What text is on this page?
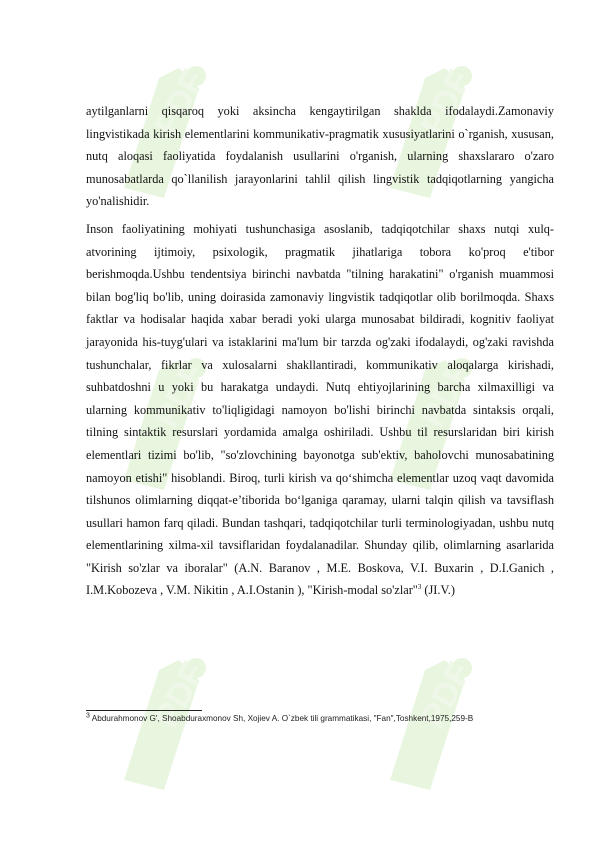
PDF	PDF
PDF	PDF
PDF	PDF

aytilganlarni qisqaroq yoki aksincha kengaytirilgan shaklda ifodalaydi.Zamonaviy lingvistikada kirish elementlarini kommunikativ-pragmatik xususiyatlarini o`rganish, xususan, nutq aloqasi faoliyatida foydalanish usullarini o'rganish, ularning shaxslararo o'zaro munosabatlarda qo`llanilish jarayonlarini tahlil qilish lingvistik tadqiqotlarning yangicha yo'nalishidir.

Inson faoliyatining mohiyati tushunchasiga asoslanib, tadqiqotchilar shaxs nutqi xulq-atvorining ijtimoiy, psixologik, pragmatik jihatlariga tobora ko'proq e'tibor berishmoqda.Ushbu tendentsiya birinchi navbatda "tilning harakatini" o'rganish muammosi bilan bog'liq bo'lib, uning doirasida zamonaviy lingvistik tadqiqotlar olib borilmoqda. Shaxs faktlar va hodisalar haqida xabar beradi yoki ularga munosabat bildiradi, kognitiv faoliyat jarayonida his-tuyg'ulari va istaklarini ma'lum bir tarzda og'zaki ifodalaydi, og'zaki ravishda tushunchalar, fikrlar va xulosalarni shakllantiradi, kommunikativ aloqalarga kirishadi, suhbatdoshni u yoki bu harakatga undaydi. Nutq ehtiyojlarining barcha xilmaxilligi va ularning kommunikativ to'liqligidagi namoyon bo'lishi birinchi navbatda sintaksis orqali, tilning sintaktik resurslari yordamida amalga oshiriladi. Ushbu til resurslaridan biri kirish elementlari tizimi bo'lib, "so'zlovchining bayonotga sub'ektiv, baholovchi munosabatining namoyon etishi" hisoblandi. Biroq, turli kirish va qo‘shimcha elementlar uzoq vaqt davomida tilshunos olimlarning diqqat-e’tiborida bo‘lganiga qaramay, ularni talqin qilish va tavsiflash usullari hamon farq qiladi. Bundan tashqari, tadqiqotchilar turli terminologiyadan, ushbu nutq elementlarining xilma-xil tavsiflaridan foydalanadilar. Shunday qilib, olimlarning asarlarida "Kirish so'zlar va iboralar" (A.N. Baranov , M.E. Boskova, V.I. Buxarin , D.I.Ganich , I.M.Kobozeva , V.M. Nikitin , A.I.Ostanin ), "Kirish-modal so'zlar"$^3$ (JI.V.)

$^3$ Abdurahmonov G', Shoabduraxmonov Sh, Xojiev A. O`zbek tili grammatikasi, "Fan",Toshkent,1975,259-B
